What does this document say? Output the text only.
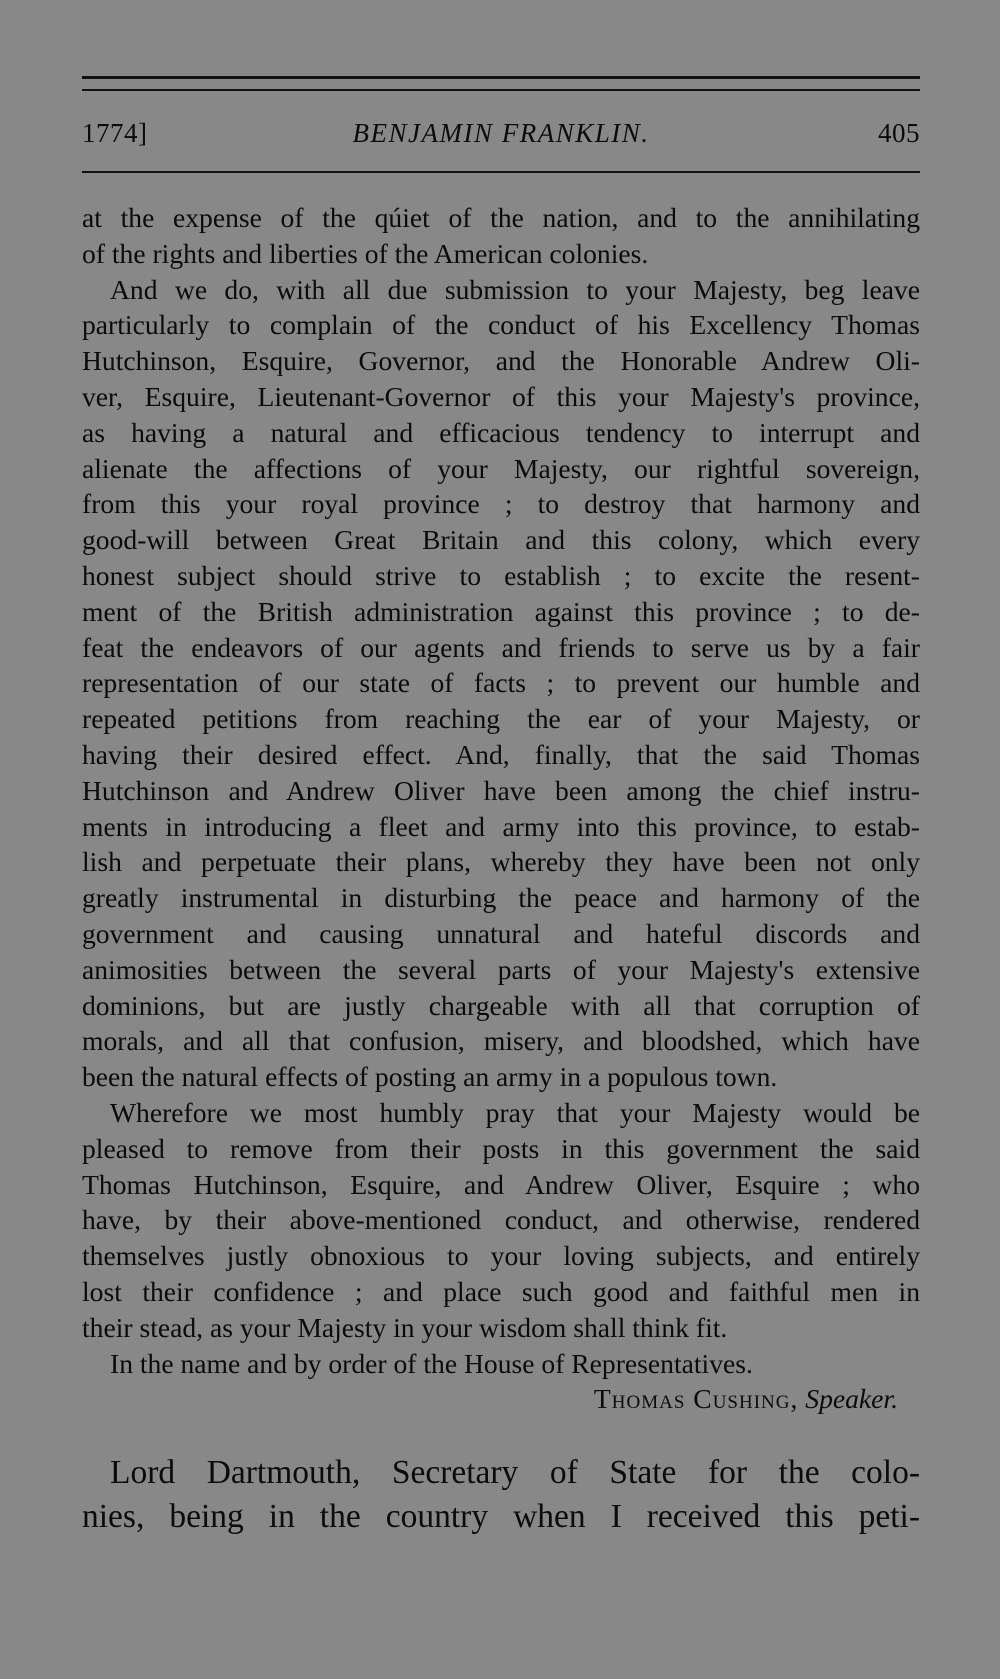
1774]	BENJAMIN FRANKLIN.	405
at the expense of the qúiet of the nation, and to the annihilating
of the rights and liberties of the American colonies.
And we do, with all due submission to your Majesty, beg leave
particularly to complain of the conduct of his Excellency Thomas
Hutchinson, Esquire, Governor, and the Honorable Andrew Oli-
ver, Esquire, Lieutenant-Governor of this your Majesty's province,
as having a natural and efficacious tendency to interrupt and
alienate the affections of your Majesty, our rightful sovereign,
from this your royal province ; to destroy that harmony and
good-will between Great Britain and this colony, which every
honest subject should strive to establish ; to excite the resent-
ment of the British administration against this province ; to de-
feat the endeavors of our agents and friends to serve us by a fair
representation of our state of facts ; to prevent our humble and
repeated petitions from reaching the ear of your Majesty, or
having their desired effect. And, finally, that the said Thomas
Hutchinson and Andrew Oliver have been among the chief instru-
ments in introducing a fleet and army into this province, to estab-
lish and perpetuate their plans, whereby they have been not only
greatly instrumental in disturbing the peace and harmony of the
government and causing unnatural and hateful discords and
animosities between the several parts of your Majesty's extensive
dominions, but are justly chargeable with all that corruption of
morals, and all that confusion, misery, and bloodshed, which have
been the natural effects of posting an army in a populous town.
Wherefore we most humbly pray that your Majesty would be
pleased to remove from their posts in this government the said
Thomas Hutchinson, Esquire, and Andrew Oliver, Esquire ; who
have, by their above-mentioned conduct, and otherwise, rendered
themselves justly obnoxious to your loving subjects, and entirely
lost their confidence ; and place such good and faithful men in
their stead, as your Majesty in your wisdom shall think fit.
In the name and by order of the House of Representatives.
Thomas Cushing, Speaker.
Lord Dartmouth, Secretary of State for the colo-
nies, being in the country when I received this peti-
